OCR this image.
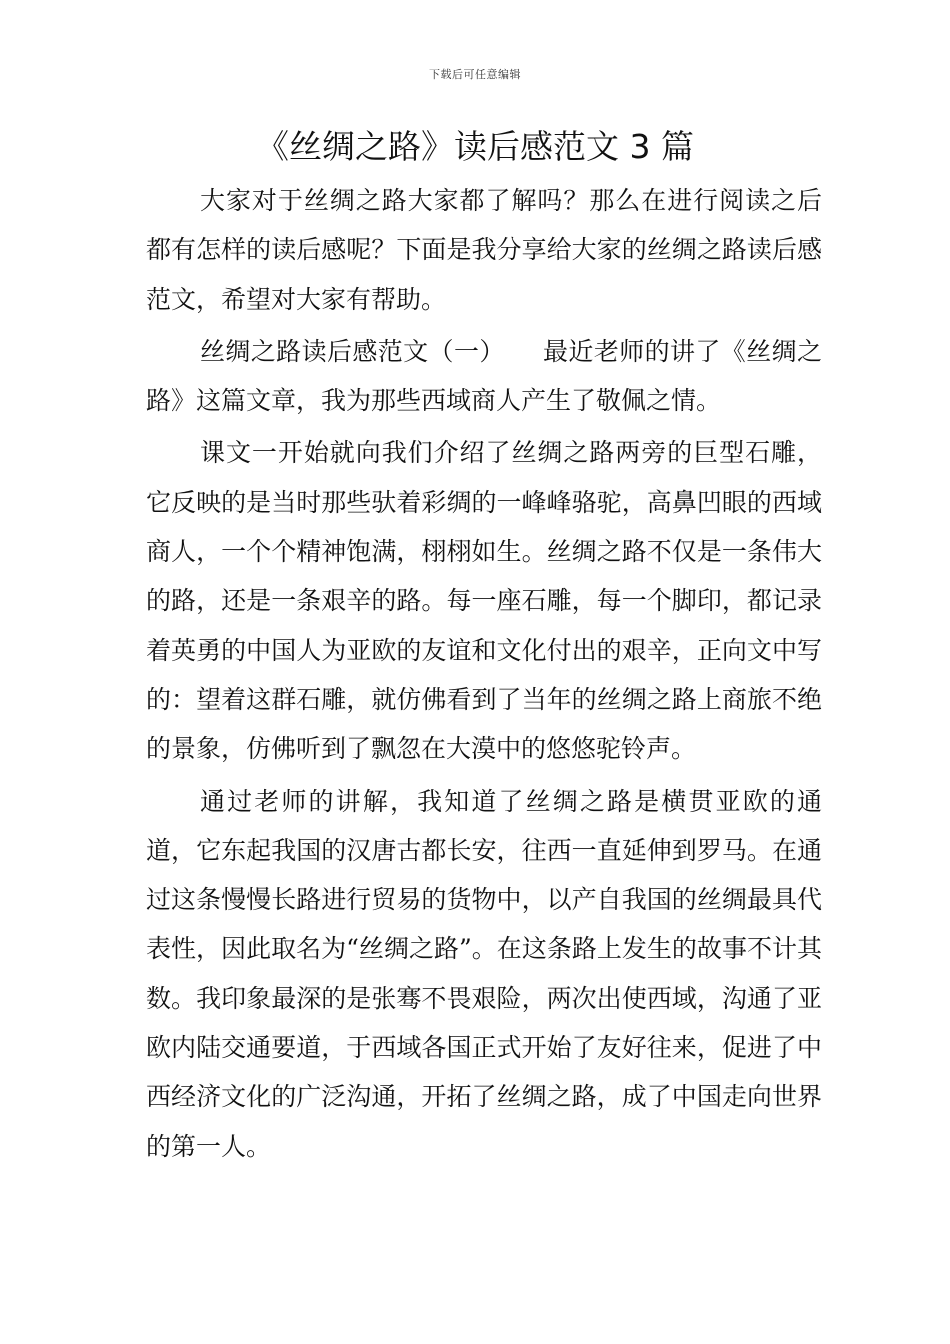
下载后可任意编辑
《丝绸之路》读后感范文 3 篇

大家对于丝绸之路大家都了解吗？那么在进行阅读之后都有怎样的读后感呢？下面是我分享给大家的丝绸之路读后感范文，希望对大家有帮助。

丝绸之路读后感范文（一）　　最近老师的讲了《丝绸之路》这篇文章，我为那些西域商人产生了敬佩之情。

课文一开始就向我们介绍了丝绸之路两旁的巨型石雕，它反映的是当时那些驮着彩绸的一峰峰骆驼，高鼻凹眼的西域商人，一个个精神饱满，栩栩如生。丝绸之路不仅是一条伟大的路，还是一条艰辛的路。每一座石雕，每一个脚印，都记录着英勇的中国人为亚欧的友谊和文化付出的艰辛，正向文中写的：望着这群石雕，就仿佛看到了当年的丝绸之路上商旅不绝的景象，仿佛听到了飘忽在大漠中的悠悠驼铃声。

通过老师的讲解，我知道了丝绸之路是横贯亚欧的通道，它东起我国的汉唐古都长安，往西一直延伸到罗马。在通过这条慢慢长路进行贸易的货物中，以产自我国的丝绸最具代表性，因此取名为“丝绸之路”。在这条路上发生的故事不计其数。我印象最深的是张骞不畏艰险，两次出使西域，沟通了亚欧内陆交通要道，于西域各国正式开始了友好往来，促进了中西经济文化的广泛沟通，开拓了丝绸之路，成了中国走向世界的第一人。
